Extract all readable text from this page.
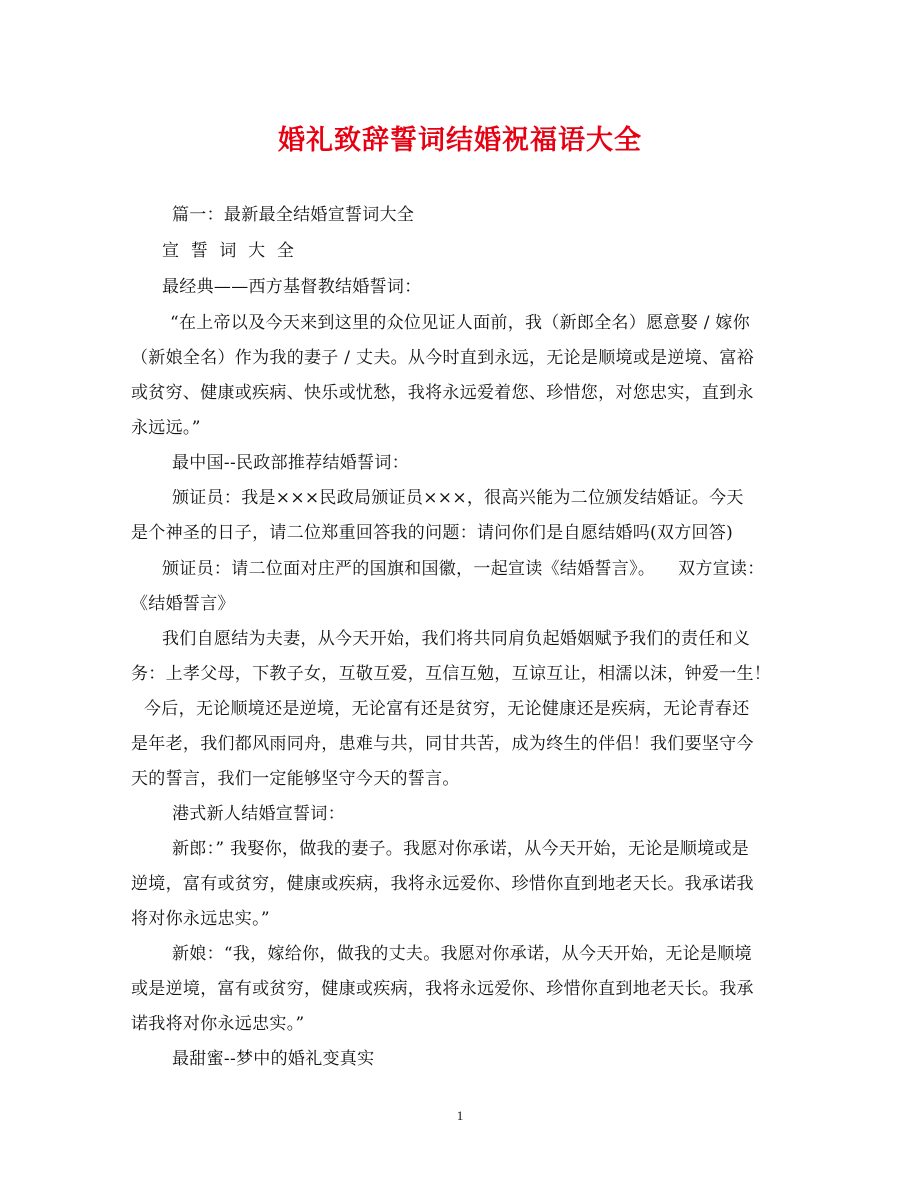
婚礼致辞誓词结婚祝福语大全
篇一：最新最全结婚宣誓词大全
宣  誓  词  大  全
最经典——西方基督教结婚誓词：
“在上帝以及今天来到这里的众位见证人面前，我（新郎全名）愿意娶 / 嫁你
（新娘全名）作为我的妻子 / 丈夫。从今时直到永远，无论是顺境或是逆境、富裕
或贫穷、健康或疾病、快乐或忧愁，我将永远爱着您、珍惜您，对您忠实，直到永
永远远。”
最中国--民政部推荐结婚誓词：
颁证员：我是×××民政局颁证员×××，很高兴能为二位颁发结婚证。今天
是个神圣的日子，请二位郑重回答我的问题：请问你们是自愿结婚吗(双方回答)
颁证员：请二位面对庄严的国旗和国徽，一起宣读《结婚誓言》。    双方宣读：
《结婚誓言》
我们自愿结为夫妻，从今天开始，我们将共同肩负起婚姻赋予我们的责任和义
务：上孝父母，下教子女，互敬互爱，互信互勉，互谅互让，相濡以沫，钟爱一生！
今后，无论顺境还是逆境，无论富有还是贫穷，无论健康还是疾病，无论青春还
是年老，我们都风雨同舟，患难与共，同甘共苦，成为终生的伴侣！我们要坚守今
天的誓言，我们一定能够坚守今天的誓言。
港式新人结婚宣誓词：
新郎：” 我娶你，做我的妻子。我愿对你承诺，从今天开始，无论是顺境或是
逆境，富有或贫穷，健康或疾病，我将永远爱你、珍惜你直到地老天长。我承诺我
将对你永远忠实。”
新娘：“我，嫁给你，做我的丈夫。我愿对你承诺，从今天开始，无论是顺境
或是逆境，富有或贫穷，健康或疾病，我将永远爱你、珍惜你直到地老天长。我承
诺我将对你永远忠实。”
最甜蜜--梦中的婚礼变真实
1
